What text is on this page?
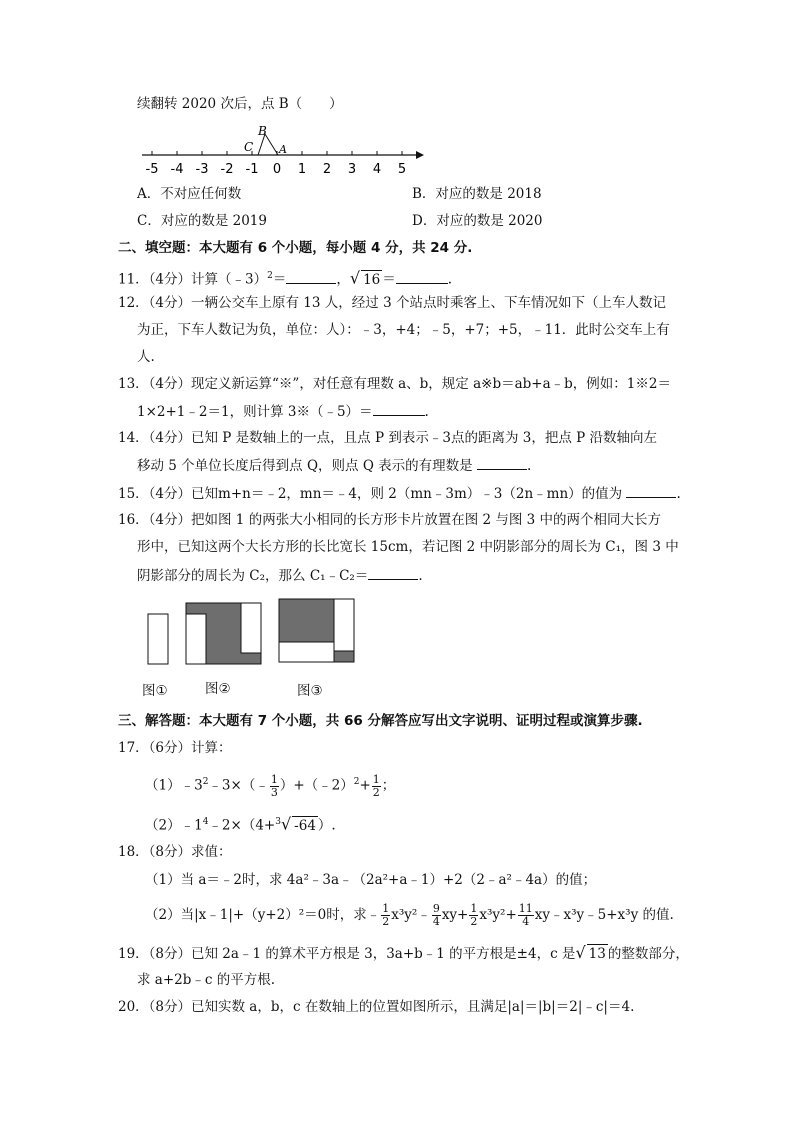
续翻转 2020 次后，点 B（　　）
-5 -4 -3 -2 -1 0 1 2 3 4 5
B
C A
A．不对应任何数	B．对应的数是 2018
C．对应的数是 2019	D．对应的数是 2020
二、填空题：本大题有 6 个小题，每小题 4 分，共 24 分.
11．（4分）计算（﹣3）$^2$＝	，√ 16 ＝	.
12．（4分）一辆公交车上原有 13 人，经过 3 个站点时乘客上、下车情况如下（上车人数记
为正，下车人数记为负，单位：人）：﹣3，+4；﹣5，+7；+5，﹣11．此时公交车上有
人.
13．（4分）现定义新运算“※”，对任意有理数 a、b，规定 a※b＝ab+a﹣b，例如：1※2＝
1×2+1﹣2＝1，则计算 3※（﹣5）＝	.
14．（4分）已知 P 是数轴上的一点，且点 P 到表示﹣3点的距离为 3，把点 P 沿数轴向左
移动 5 个单位长度后得到点 Q，则点 Q 表示的有理数是	.
15．（4分）已知m+n＝﹣2，mn＝﹣4，则 2（mn﹣3m）﹣3（2n﹣mn）的值为	.
16．（4分）把如图 1 的两张大小相同的长方形卡片放置在图 2 与图 3 中的两个相同大长方
形中，已知这两个大长方形的长比宽长 15cm，若记图 2 中阴影部分的周长为 C₁，图 3 中
阴影部分的周长为 C₂，那么 C₁﹣C₂＝	.
图①	图②	图③
三、解答题：本大题有 7 个小题，共 66 分解答应写出文字说明、证明过程或演算步骤.
17．（6分）计算：
$(1)﹣3^2﹣3\times(﹣ \frac{1}{3}$ ）+（﹣2）$^2$+ $\frac{1}{2}$ ；
$(2)﹣1^4﹣2\times(4+^3√$ -64 ）.
18．（8分）求值：
（1）当 a＝﹣2时，求 4a²﹣3a﹣（2a²+a﹣1）+2（2﹣a²﹣4a）的值；
（2）当|x﹣1|+（y+2）²＝0时，求﹣ $\frac{1}{2}$ x³y²﹣ $\frac{9}{4} xy+ \frac{1}{2} x^3y^2+ \frac{11}{4}$ xy﹣x³y﹣5+x³y 的值.
19．（8分）已知 2a﹣1 的算术平方根是 3，3a+b﹣1 的平方根是±4，c 是√ 13 的整数部分，
求 a+2b﹣c 的平方根.
20．（8分）已知实数 a，b，c 在数轴上的位置如图所示，且满足|a|＝|b|＝2|﹣c|＝4.
